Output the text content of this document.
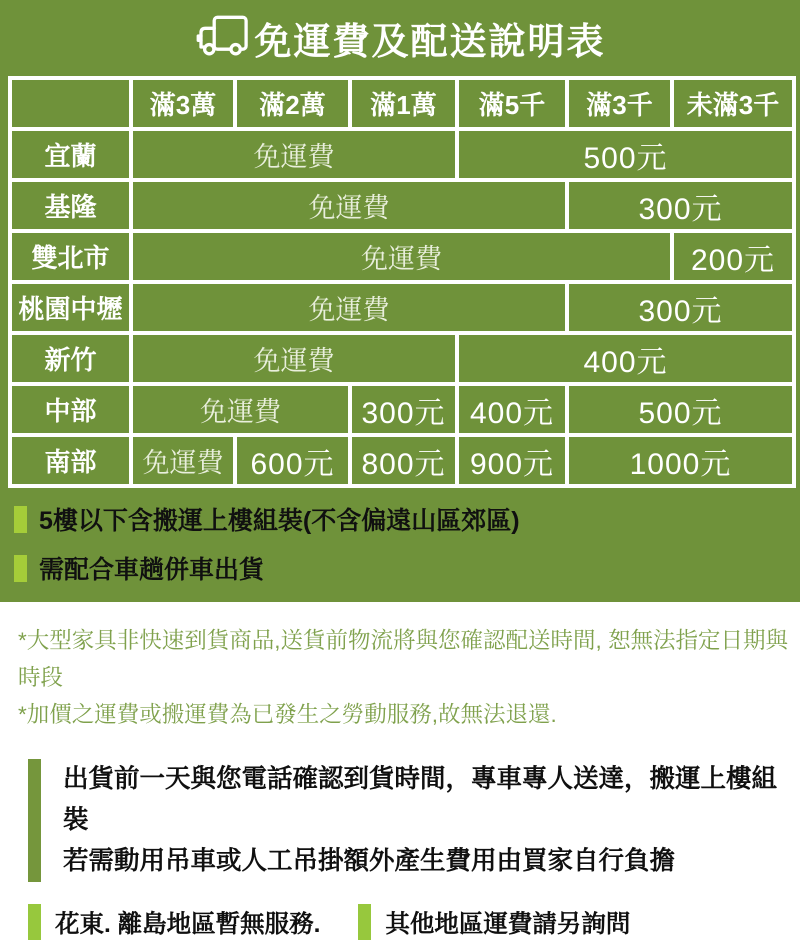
免運費及配送說明表
	滿3萬	滿2萬	滿1萬	滿5千	滿3千	未滿3千
宜蘭	免運費			500元		
基隆	免運費				300元	
雙北市	免運費					200元
桃園中壢	免運費				300元	
新竹	免運費			400元		
中部	免運費		300元	400元	500元	
南部	免運費	600元	800元	900元	1000元	
5樓以下含搬運上樓組裝(不含偏遠山區郊區)
需配合車趟併車出貨
*大型家具非快速到貨商品,送貨前物流將與您確認配送時間, 恕無法指定日期與時段
*加價之運費或搬運費為已發生之勞動服務,故無法退還.
出貨前一天與您電話確認到貨時間，專車專人送達，搬運上樓組裝
若需動用吊車或人工吊掛額外產生費用由買家自行負擔
花東. 離島地區暫無服務.	其他地區運費請另詢問
